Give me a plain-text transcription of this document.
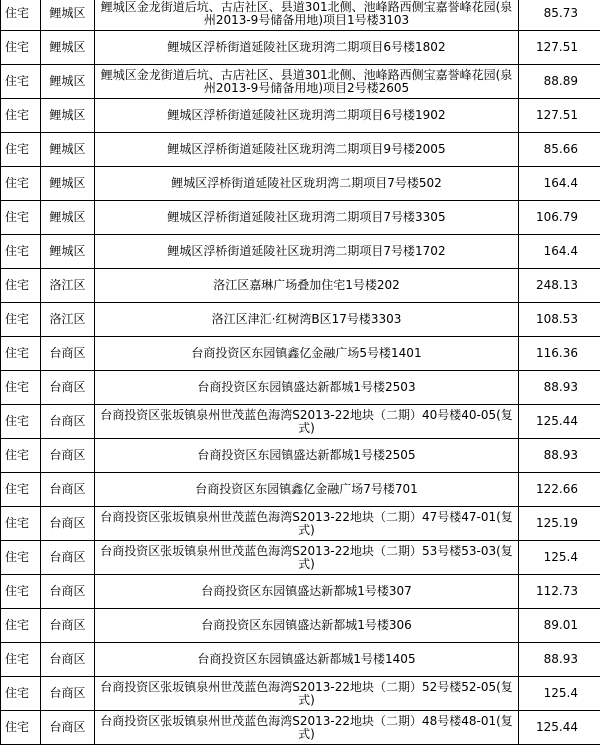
住宅	鲤城区	鲤城区金龙街道后坑、古店社区、县道301北侧、池峰路西侧宝嘉誉峰花园(泉州2013-9号储备用地)项目1号楼3103	85.73
住宅	鲤城区	鲤城区浮桥街道延陵社区珑玥湾二期项目6号楼1802	127.51
住宅	鲤城区	鲤城区金龙街道后坑、古店社区、县道301北侧、池峰路西侧宝嘉誉峰花园(泉州2013-9号储备用地)项目2号楼2605	88.89
住宅	鲤城区	鲤城区浮桥街道延陵社区珑玥湾二期项目6号楼1902	127.51
住宅	鲤城区	鲤城区浮桥街道延陵社区珑玥湾二期项目9号楼2005	85.66
住宅	鲤城区	鲤城区浮桥街道延陵社区珑玥湾二期项目7号楼502	164.4
住宅	鲤城区	鲤城区浮桥街道延陵社区珑玥湾二期项目7号楼3305	106.79
住宅	鲤城区	鲤城区浮桥街道延陵社区珑玥湾二期项目7号楼1702	164.4
住宅	洛江区	洛江区嘉琳广场叠加住宅1号楼202	248.13
住宅	洛江区	洛江区津汇·红树湾B区17号楼3303	108.53
住宅	台商区	台商投资区东园镇鑫亿金融广场5号楼1401	116.36
住宅	台商区	台商投资区东园镇盛达新都城1号楼2503	88.93
住宅	台商区	台商投资区张坂镇泉州世茂蓝色海湾S2013-22地块（二期）40号楼40-05(复式)	125.44
住宅	台商区	台商投资区东园镇盛达新都城1号楼2505	88.93
住宅	台商区	台商投资区东园镇鑫亿金融广场7号楼701	122.66
住宅	台商区	台商投资区张坂镇泉州世茂蓝色海湾S2013-22地块（二期）47号楼47-01(复式)	125.19
住宅	台商区	台商投资区张坂镇泉州世茂蓝色海湾S2013-22地块（二期）53号楼53-03(复式)	125.4
住宅	台商区	台商投资区东园镇盛达新都城1号楼307	112.73
住宅	台商区	台商投资区东园镇盛达新都城1号楼306	89.01
住宅	台商区	台商投资区东园镇盛达新都城1号楼1405	88.93
住宅	台商区	台商投资区张坂镇泉州世茂蓝色海湾S2013-22地块（二期）52号楼52-05(复式)	125.4
住宅	台商区	台商投资区张坂镇泉州世茂蓝色海湾S2013-22地块（二期）48号楼48-01(复式)	125.44
